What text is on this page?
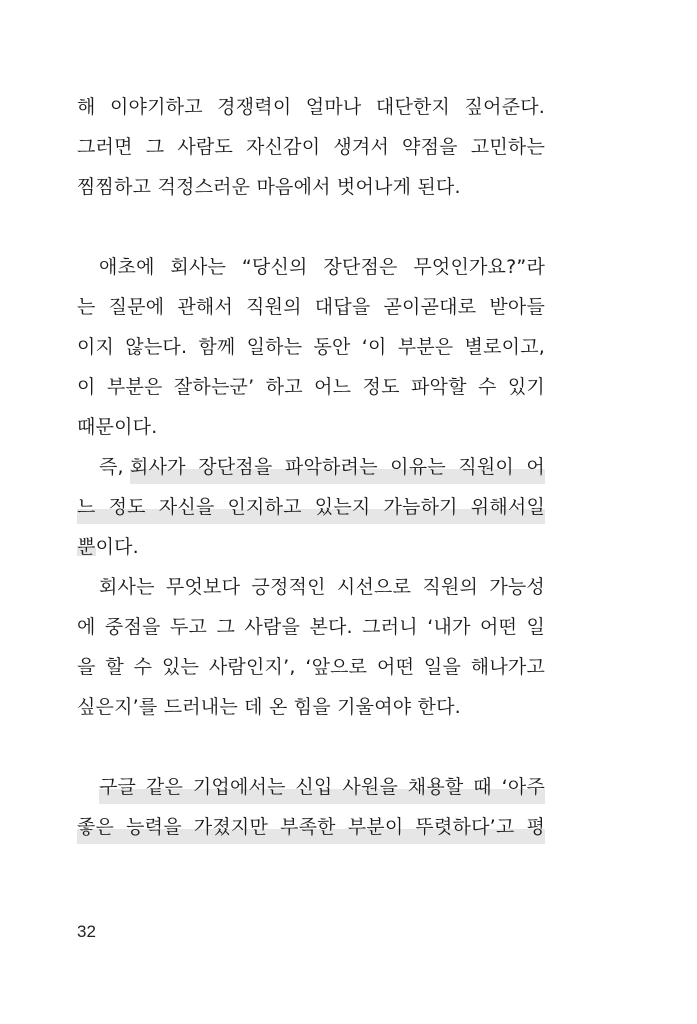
해 이야기하고 경쟁력이 얼마나 대단한지 짚어준다.
그러면 그 사람도 자신감이 생겨서 약점을 고민하는
찜찜하고 걱정스러운 마음에서 벗어나게 된다.
애초에 회사는 “당신의 장단점은 무엇인가요?”라
는 질문에 관해서 직원의 대답을 곧이곧대로 받아들
이지 않는다. 함께 일하는 동안 ‘이 부분은 별로이고,
이 부분은 잘하는군’ 하고 어느 정도 파악할 수 있기
때문이다.
즉, 회사가 장단점을 파악하려는 이유는 직원이 어
느 정도 자신을 인지하고 있는지 가늠하기 위해서일
뿐이다.
회사는 무엇보다 긍정적인 시선으로 직원의 가능성
에 중점을 두고 그 사람을 본다. 그러니 ‘내가 어떤 일
을 할 수 있는 사람인지’, ‘앞으로 어떤 일을 해나가고
싶은지’를 드러내는 데 온 힘을 기울여야 한다.
구글 같은 기업에서는 신입 사원을 채용할 때 ‘아주
좋은 능력을 가졌지만 부족한 부분이 뚜렷하다’고 평
32
